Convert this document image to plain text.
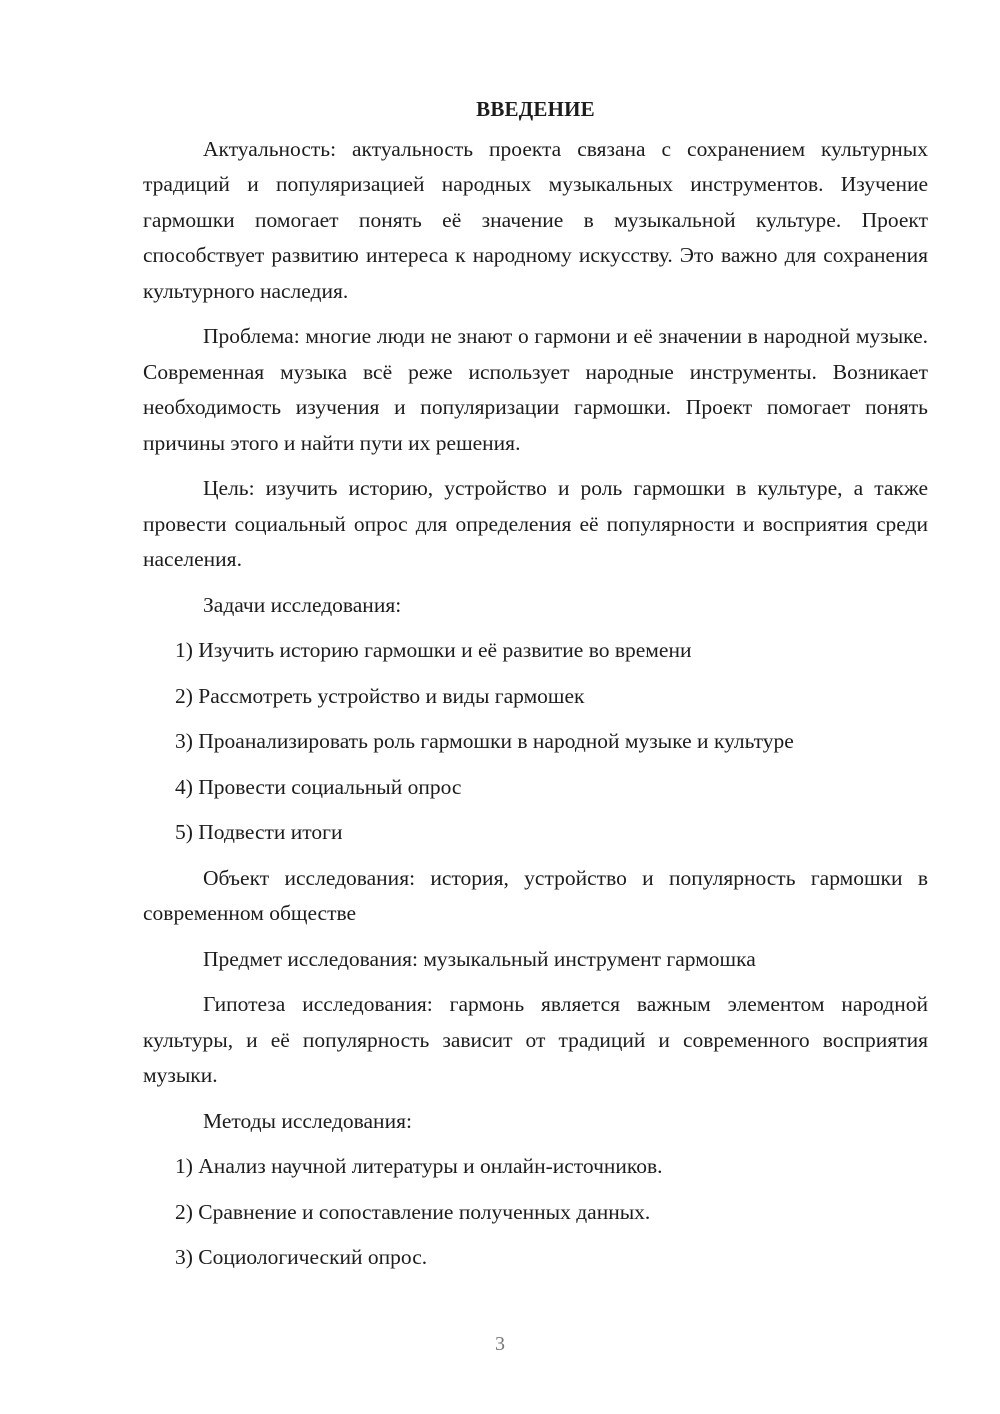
ВВЕДЕНИЕ

Актуальность: актуальность проекта связана с сохранением культурных традиций и популяризацией народных музыкальных инструментов. Изучение гармошки помогает понять её значение в музыкальной культуре. Проект способствует развитию интереса к народному искусству. Это важно для сохранения культурного наследия.

Проблема: многие люди не знают о гармони и её значении в народной музыке. Современная музыка всё реже использует народные инструменты. Возникает необходимость изучения и популяризации гармошки. Проект помогает понять причины этого и найти пути их решения.

Цель: изучить историю, устройство и роль гармошки в культуре, а также провести социальный опрос для определения её популярности и восприятия среди населения.

Задачи исследования:

1) Изучить историю гармошки и её развитие во времени
2) Рассмотреть устройство и виды гармошек
3) Проанализировать роль гармошки в народной музыке и культуре
4) Провести социальный опрос
5) Подвести итоги

Объект исследования: история, устройство и популярность гармошки в современном обществе

Предмет исследования: музыкальный инструмент гармошка

Гипотеза исследования: гармонь является важным элементом народной культуры, и её популярность зависит от традиций и современного восприятия музыки.

Методы исследования:

1) Анализ научной литературы и онлайн-источников.
2) Сравнение и сопоставление полученных данных.
3) Социологический опрос.
3
